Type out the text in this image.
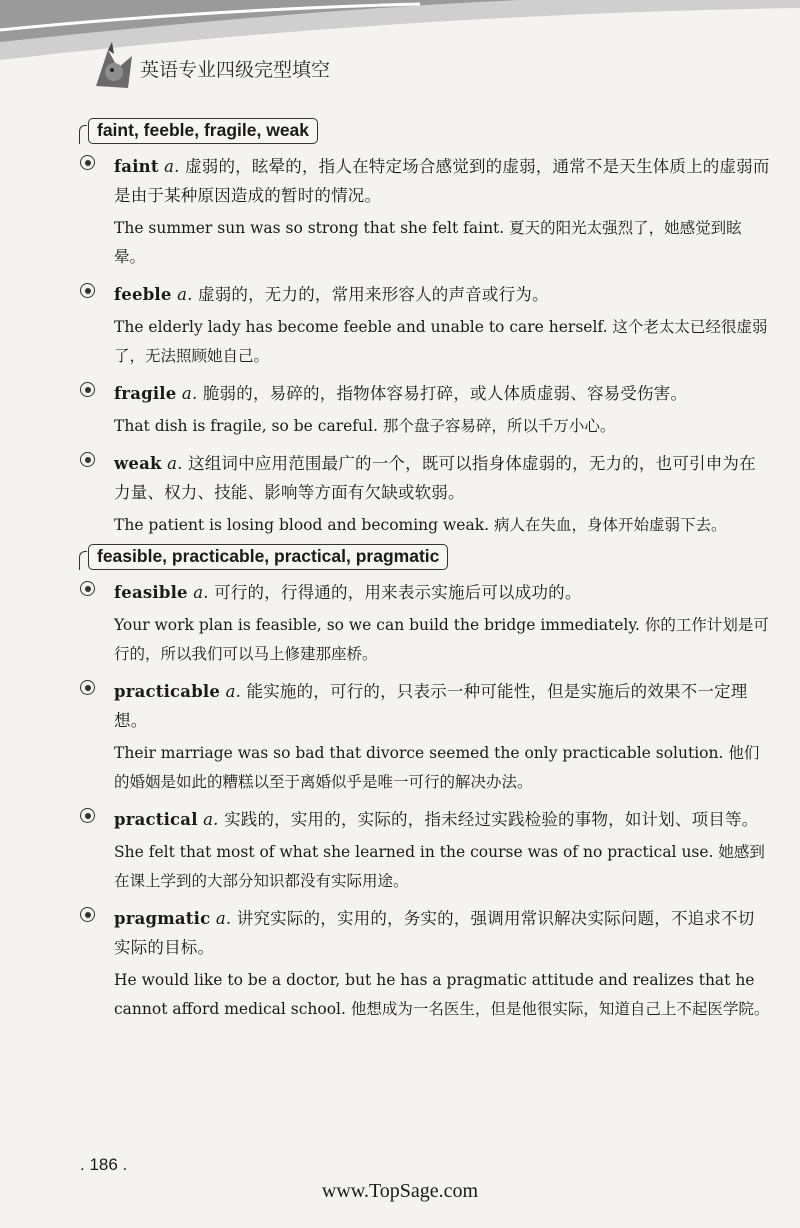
英语专业四级完型填空
faint, feeble, fragile, weak
faint a. 虚弱的，眩晕的，指人在特定场合感觉到的虚弱，通常不是天生体质上的虚弱而是由于某种原因造成的暂时的情况。
The summer sun was so strong that she felt faint. 夏天的阳光太强烈了，她感觉到眩晕。
feeble a. 虚弱的，无力的，常用来形容人的声音或行为。
The elderly lady has become feeble and unable to care herself. 这个老太太已经很虚弱了，无法照顾她自己。
fragile a. 脆弱的，易碎的，指物体容易打碎，或人体质虚弱、容易受伤害。
That dish is fragile, so be careful. 那个盘子容易碎，所以千万小心。
weak a. 这组词中应用范围最广的一个，既可以指身体虚弱的，无力的，也可引申为在力量、权力、技能、影响等方面有欠缺或软弱。
The patient is losing blood and becoming weak. 病人在失血，身体开始虚弱下去。
feasible, practicable, practical, pragmatic
feasible a. 可行的，行得通的，用来表示实施后可以成功的。
Your work plan is feasible, so we can build the bridge immediately. 你的工作计划是可行的，所以我们可以马上修建那座桥。
practicable a. 能实施的，可行的，只表示一种可能性，但是实施后的效果不一定理想。
Their marriage was so bad that divorce seemed the only practicable solution. 他们的婚姻是如此的糟糕以至于离婚似乎是唯一可行的解决办法。
practical a. 实践的，实用的，实际的，指未经过实践检验的事物，如计划、项目等。
She felt that most of what she learned in the course was of no practical use. 她感到在课上学到的大部分知识都没有实际用途。
pragmatic a. 讲究实际的，实用的，务实的，强调用常识解决实际问题，不追求不切实际的目标。
He would like to be a doctor, but he has a pragmatic attitude and realizes that he cannot afford medical school. 他想成为一名医生，但是他很实际，知道自己上不起医学院。
. 186 .
www.TopSage.com
